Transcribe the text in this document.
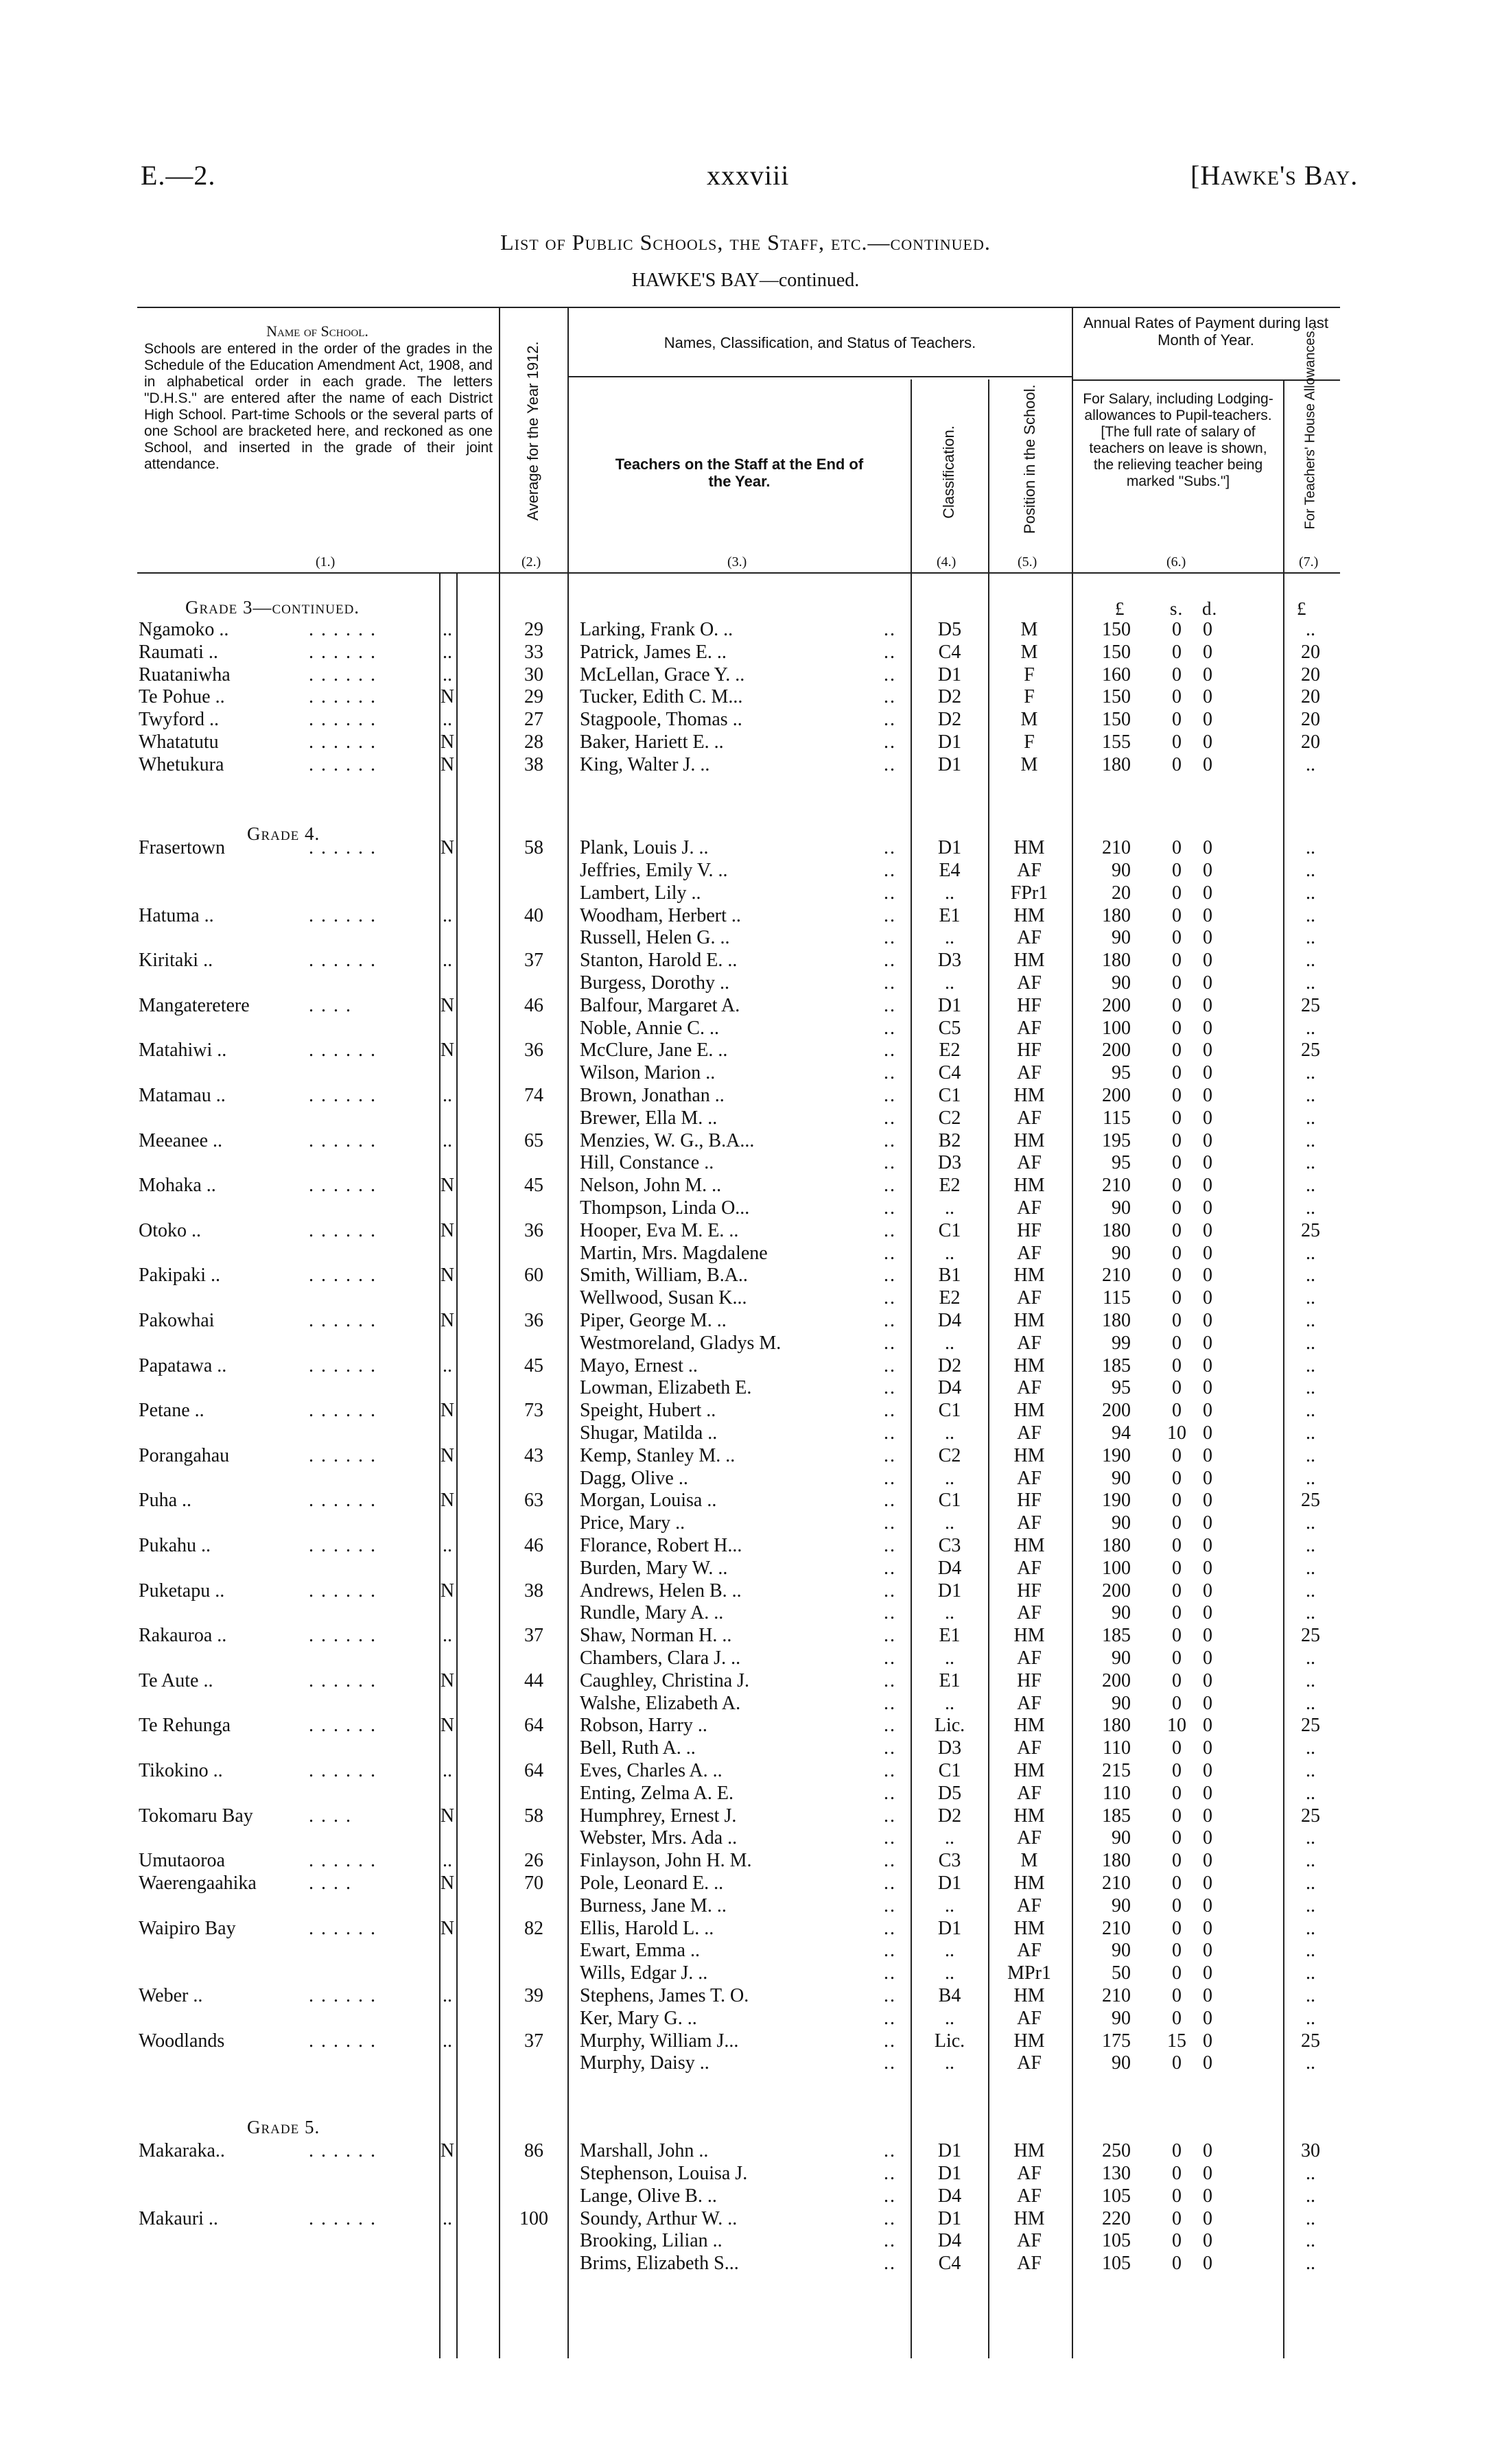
E.—2.	xxxviii	[Hawke's Bay.
List of Public Schools, the Staff, etc.—continued.
HAWKE'S BAY—continued.
Name of School.
Schools are entered in the order of the grades in the Schedule of the Education Amendment Act, 1908, and in alphabetical order in each grade. The letters "D.H.S." are entered after the name of each District High School. Part-time Schools or the several parts of one School are bracketed here, and reckoned as one School, and inserted in the grade of their joint attendance.	Average for the Year 1912.	Names, Classification, and Status of Teachers.
Teachers on the Staff at the End of the Year.	Classification.	Position in the School.
Annual Rates of Payment during last Month of Year.
For Salary, including Lodging-allowances to Pupil-teachers. [The full rate of salary of teachers on leave is shown, the relieving teacher being marked "Subs."]	For Teachers' House Allowances.
(1.)	(2.)	(3.)	(4.)	(5.)	(6.)	(7.)
£ s. d.	£
Grade 3—continued.
Grade 4.
Grade 5.
Ngamoko ..	. . . . . .	..	29	Larking, Frank O. ..	..	D5	M	150	0	0	..
Raumati ..	. . . . . .	..	33	Patrick, James E. ..	..	C4	M	150	0	0	20
Ruataniwha	. . . . . .	..	30	McLellan, Grace Y. ..	..	D1	F	160	0	0	20
Te Pohue ..	. . . . . .	N	29	Tucker, Edith C. M...	..	D2	F	150	0	0	20
Twyford ..	. . . . . .	..	27	Stagpoole, Thomas ..	..	D2	M	150	0	0	20
Whatatutu	. . . . . .	N	28	Baker, Hariett E. ..	..	D1	F	155	0	0	20
Whetukura	. . . . . .	N	38	King, Walter J. ..	..	D1	M	180	0	0	..
Frasertown	. . . . . .	N	58	Plank, Louis J. ..	..	D1	HM	210	0	0	..
Jeffries, Emily V. ..	..	E4	AF	90	0	0	..
Lambert, Lily ..	..	..	FPr1	20	0	0	..
Hatuma ..	. . . . . .	..	40	Woodham, Herbert ..	..	E1	HM	180	0	0	..
Russell, Helen G. ..	..	..	AF	90	0	0	..
Kiritaki ..	. . . . . .	..	37	Stanton, Harold E. ..	..	D3	HM	180	0	0	..
Burgess, Dorothy ..	..	..	AF	90	0	0	..
Mangateretere	. . . .	N	46	Balfour, Margaret A.	..	D1	HF	200	0	0	25
Noble, Annie C. ..	..	C5	AF	100	0	0	..
Matahiwi ..	. . . . . .	N	36	McClure, Jane E. ..	..	E2	HF	200	0	0	25
Wilson, Marion ..	..	C4	AF	95	0	0	..
Matamau ..	. . . . . .	..	74	Brown, Jonathan ..	..	C1	HM	200	0	0	..
Brewer, Ella M. ..	..	C2	AF	115	0	0	..
Meeanee ..	. . . . . .	..	65	Menzies, W. G., B.A...	..	B2	HM	195	0	0	..
Hill, Constance ..	..	D3	AF	95	0	0	..
Mohaka ..	. . . . . .	N	45	Nelson, John M. ..	..	E2	HM	210	0	0	..
Thompson, Linda O...	..	..	AF	90	0	0	..
Otoko ..	. . . . . .	N	36	Hooper, Eva M. E. ..	..	C1	HF	180	0	0	25
Martin, Mrs. Magdalene	..	..	AF	90	0	0	..
Pakipaki ..	. . . . . .	N	60	Smith, William, B.A..	..	B1	HM	210	0	0	..
Wellwood, Susan K...	..	E2	AF	115	0	0	..
Pakowhai	. . . . . .	N	36	Piper, George M. ..	..	D4	HM	180	0	0	..
Westmoreland, Gladys M.	..	..	AF	99	0	0	..
Papatawa ..	. . . . . .	..	45	Mayo, Ernest ..	..	D2	HM	185	0	0	..
Lowman, Elizabeth E.	..	D4	AF	95	0	0	..
Petane ..	. . . . . .	N	73	Speight, Hubert ..	..	C1	HM	200	0	0	..
Shugar, Matilda ..	..	..	AF	94	10 0	..
Porangahau	. . . . . .	N	43	Kemp, Stanley M. ..	..	C2	HM	190	0	0	..
Dagg, Olive ..	..	..	AF	90	0	0	..
Puha ..	. . . . . .	N	63	Morgan, Louisa ..	..	C1	HF	190	0	0	25
Price, Mary ..	..	..	AF	90	0	0	..
Pukahu ..	. . . . . .	..	46	Florance, Robert H...	..	C3	HM	180	0	0	..
Burden, Mary W. ..	..	D4	AF	100	0	0	..
Puketapu ..	. . . . . .	N	38	Andrews, Helen B. ..	..	D1	HF	200	0	0	..
Rundle, Mary A. ..	..	..	AF	90	0	0	..
Rakauroa ..	. . . . . .	..	37	Shaw, Norman H. ..	..	E1	HM	185	0	0	25
Chambers, Clara J. ..	..	..	AF	90	0	0	..
Te Aute ..	. . . . . .	N	44	Caughley, Christina J.	..	E1	HF	200	0	0	..
Walshe, Elizabeth A.	..	..	AF	90	0	0	..
Te Rehunga	. . . . . .	N	64	Robson, Harry ..	..	Lic.	HM	180	10 0	25
Bell, Ruth A. ..	..	D3	AF	110	0	0	..
Tikokino ..	. . . . . .	..	64	Eves, Charles A. ..	..	C1	HM	215	0	0	..
Enting, Zelma A. E.	..	D5	AF	110	0	0	..
Tokomaru Bay	. . . .	N	58	Humphrey, Ernest J.	..	D2	HM	185	0	0	25
Webster, Mrs. Ada ..	..	..	AF	90	0	0	..
Umutaoroa	. . . . . .	..	26	Finlayson, John H. M.	..	C3	M	180	0	0	..
Waerengaahika	. . . .	N	70	Pole, Leonard E. ..	..	D1	HM	210	0	0	..
Burness, Jane M. ..	..	..	AF	90	0	0	..
Waipiro Bay	. . . . . .	N	82	Ellis, Harold L. ..	..	D1	HM	210	0	0	..
Ewart, Emma ..	..	..	AF	90	0	0	..
Wills, Edgar J. ..	..	..	MPr1	50	0	0	..
Weber ..	. . . . . .	..	39	Stephens, James T. O.	..	B4	HM	210	0	0	..
Ker, Mary G. ..	..	..	AF	90	0	0	..
Woodlands	. . . . . .	..	37	Murphy, William J...	..	Lic.	HM	175	15 0	25
Murphy, Daisy ..	..	..	AF	90	0	0	..
Makaraka..	. . . . . .	N	86	Marshall, John ..	..	D1	HM	250	0	0	30
Stephenson, Louisa J.	..	D1	AF	130	0	0	..
Lange, Olive B. ..	..	D4	AF	105	0	0	..
Makauri ..	. . . . . .	..	100	Soundy, Arthur W. ..	..	D1	HM	220	0	0	..
Brooking, Lilian ..	..	D4	AF	105	0	0	..
Brims, Elizabeth S...	..	C4	AF	105	0	0	..
